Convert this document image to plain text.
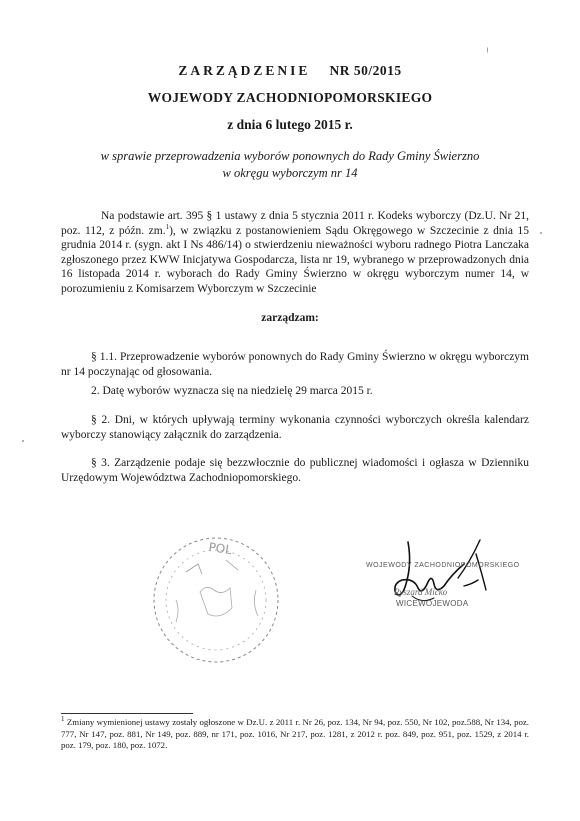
ZARZĄDZENIE NR 50/2015
WOJEWODY ZACHODNIOPOMORSKIEGO
z dnia 6 lutego 2015 r.
w sprawie przeprowadzenia wyborów ponownych do Rady Gminy Świerzno
w okręgu wyborczym nr 14
Na podstawie art. 395 § 1 ustawy z dnia 5 stycznia 2011 r. Kodeks wyborczy (Dz.U. Nr 21, poz. 112, z późn. zm.$^1$), w związku z postanowieniem Sądu Okręgowego w Szczecinie z dnia 15 grudnia 2014 r. (sygn. akt I Ns 486/14) o stwierdzeniu nieważności wyboru radnego Piotra Lanczaka zgłoszonego przez KWW Inicjatywa Gospodarcza, lista nr 19, wybranego w przeprowadzonych dnia 16 listopada 2014 r. wyborach do Rady Gminy Świerzno w okręgu wyborczym numer 14, w porozumieniu z Komisarzem Wyborczym w Szczecinie
zarządzam:
§ 1.1. Przeprowadzenie wyborów ponownych do Rady Gminy Świerzno w okręgu wyborczym nr 14 poczynając od głosowania.
2. Datę wyborów wyznacza się na niedzielę 29 marca 2015 r.
§ 2. Dni, w których upływają terminy wykonania czynności wyborczych określa kalendarz wyborczy stanowiący załącznik do zarządzenia.
§ 3. Zarządzenie podaje się bezzwłocznie do publicznej wiadomości i ogłasza w Dzienniku Urzędowym Województwa Zachodniopomorskiego.
POL
WOJEWODY ZACHODNIOPOMORSKIEGO
Ryszard Mićko
WICEWOJEWODA
$^1$ Zmiany wymienionej ustawy zostały ogłoszone w Dz.U. z 2011 r. Nr 26, poz. 134, Nr 94, poz. 550, Nr 102, poz.588, Nr 134, poz. 777, Nr 147, poz. 881, Nr 149, poz. 889, nr 171, poz. 1016, Nr 217, poz. 1281, z 2012 r. poz. 849, poz. 951, poz. 1529, z 2014 r. poz. 179, poz. 180, poz. 1072.
